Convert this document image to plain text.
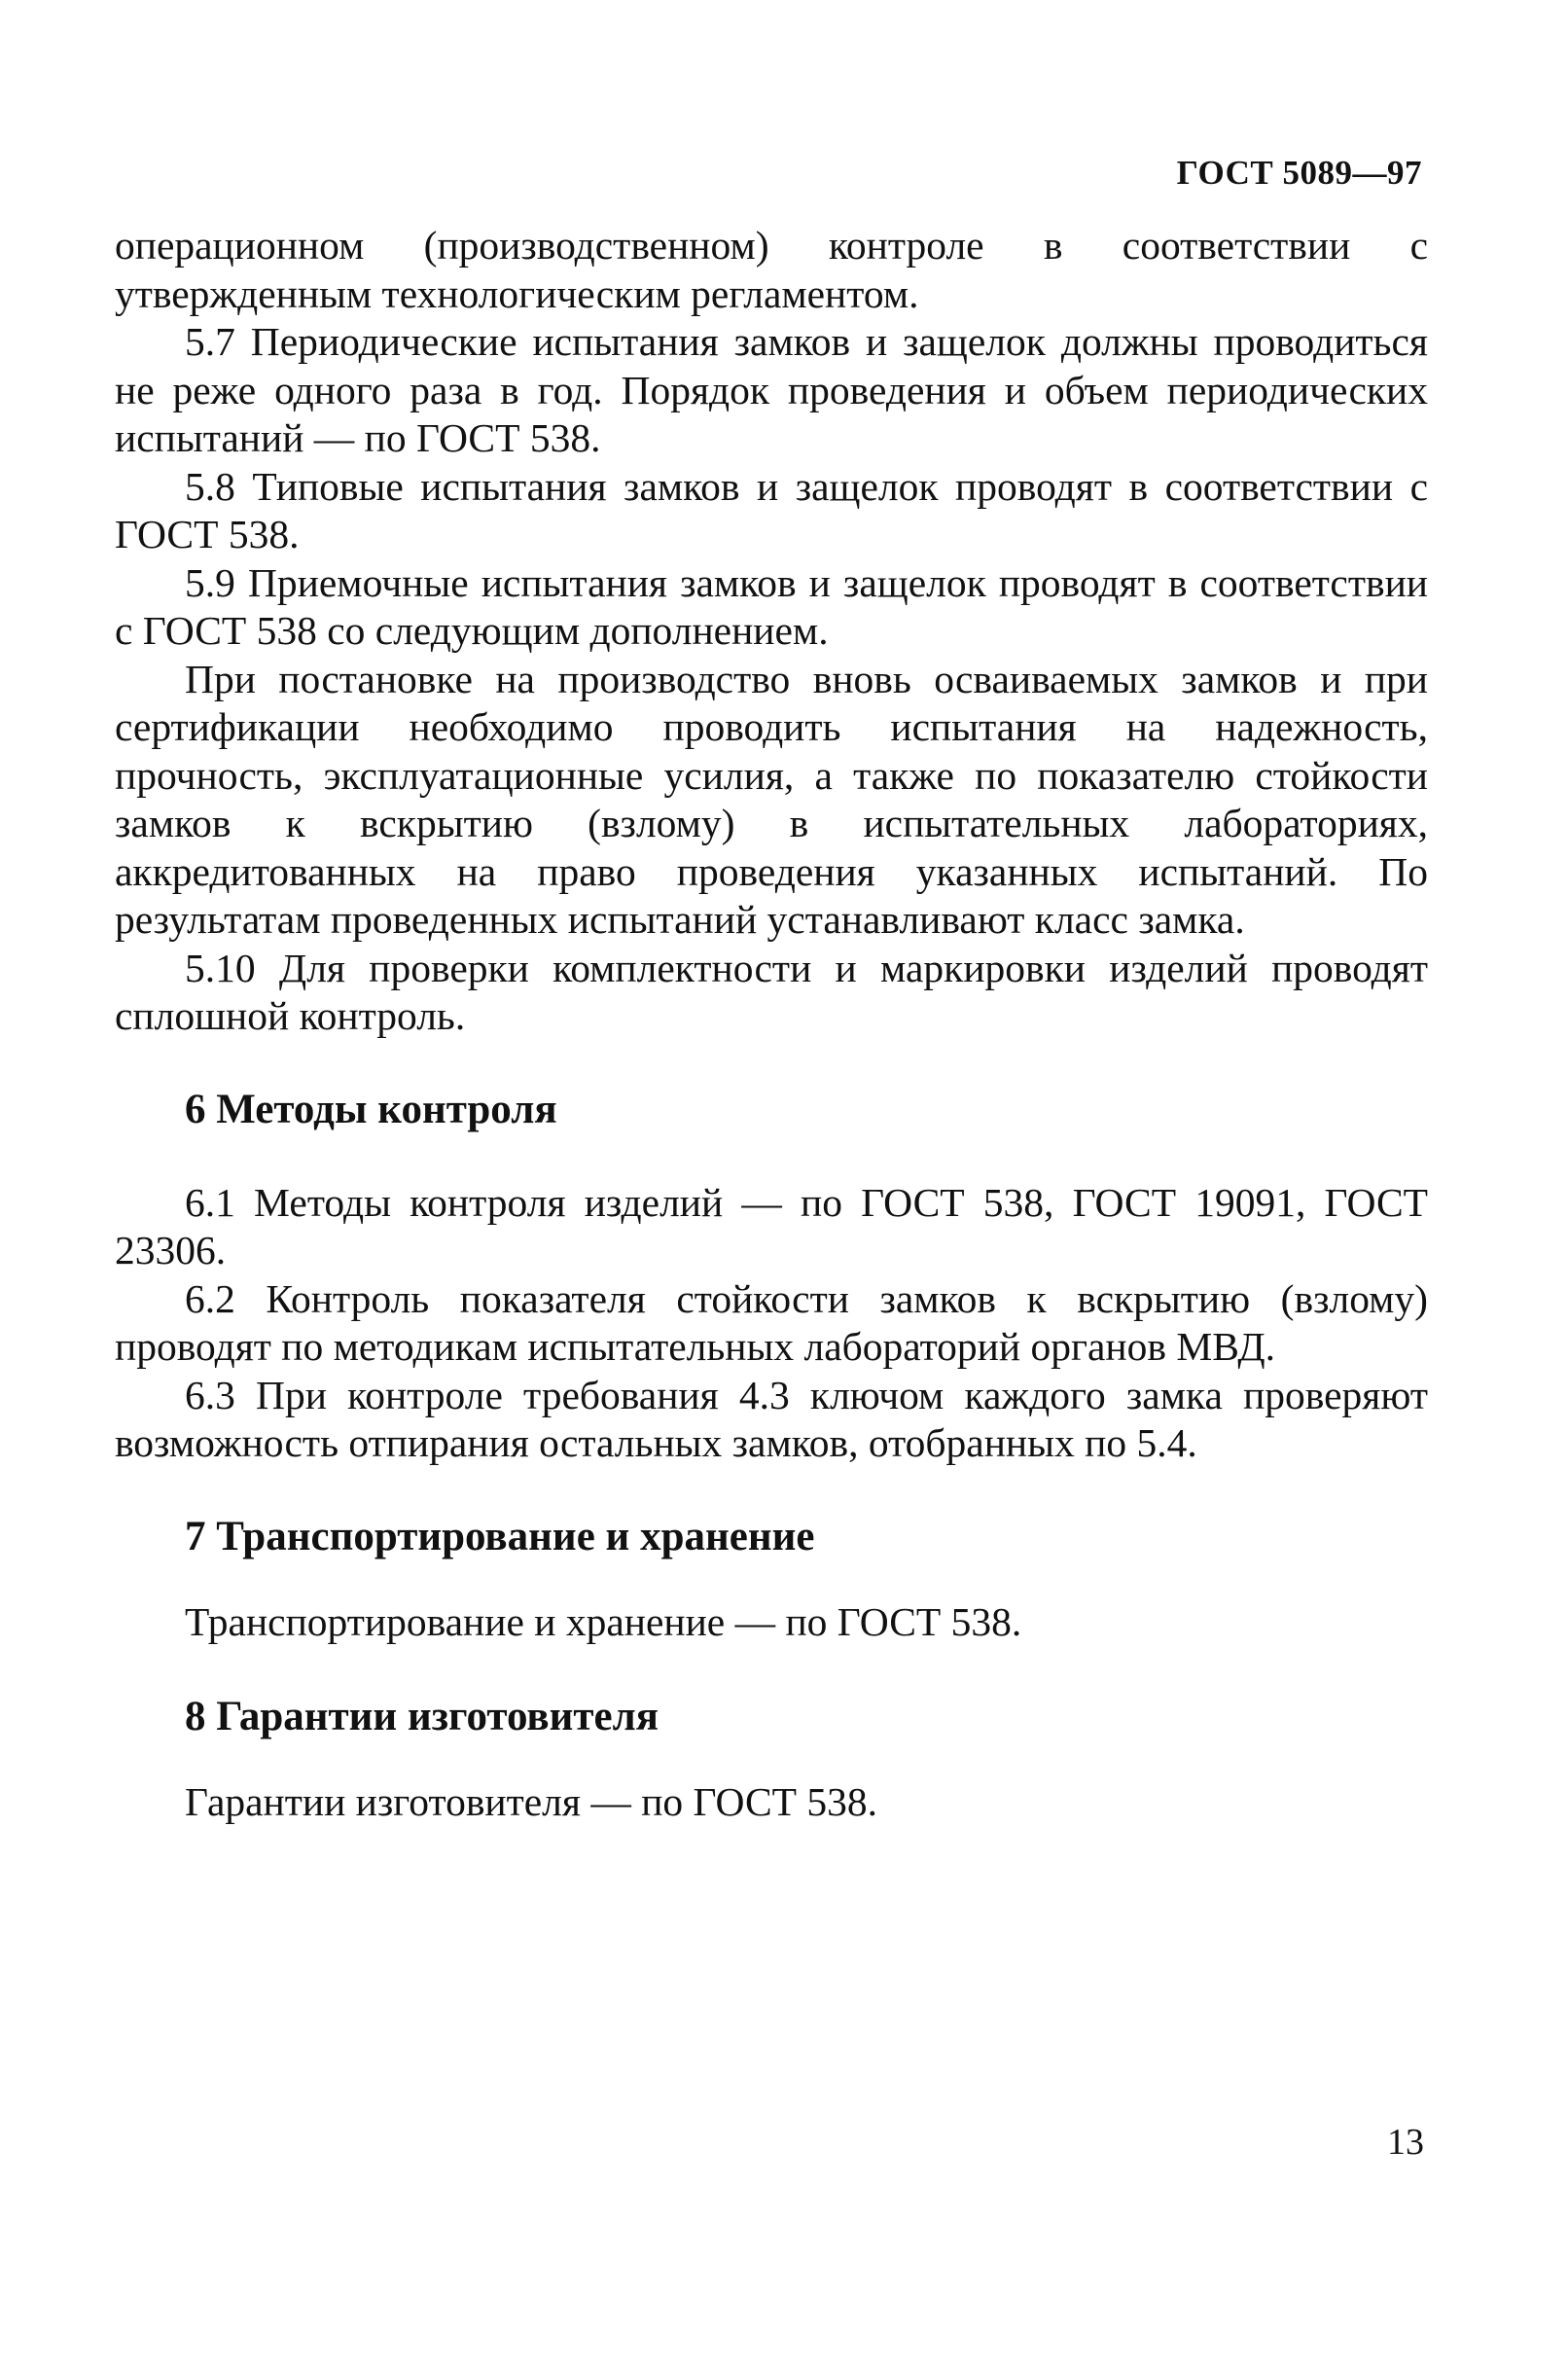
ГОСТ 5089—97

операционном (производственном) контроле в соответствии с утвержденным технологическим регламентом.

5.7 Периодические испытания замков и защелок должны проводиться не реже одного раза в год. Порядок проведения и объем периодических испытаний — по ГОСТ 538.

5.8 Типовые испытания замков и защелок проводят в соответствии с ГОСТ 538.

5.9 Приемочные испытания замков и защелок проводят в соответствии с ГОСТ 538 со следующим дополнением.

При постановке на производство вновь осваиваемых замков и при сертификации необходимо проводить испытания на надежность, прочность, эксплуатационные усилия, а также по показателю стойкости замков к вскрытию (взлому) в испытательных лабораториях, аккредитованных на право проведения указанных испытаний. По результатам проведенных испытаний устанавливают класс замка.

5.10 Для проверки комплектности и маркировки изделий проводят сплошной контроль.

6 Методы контроля

6.1 Методы контроля изделий — по ГОСТ 538, ГОСТ 19091, ГОСТ 23306.

6.2 Контроль показателя стойкости замков к вскрытию (взлому) проводят по методикам испытательных лабораторий органов МВД.

6.3 При контроле требования 4.3 ключом каждого замка проверяют возможность отпирания остальных замков, отобранных по 5.4.

7 Транспортирование и хранение

Транспортирование и хранение — по ГОСТ 538.

8 Гарантии изготовителя

Гарантии изготовителя — по ГОСТ 538.

13
